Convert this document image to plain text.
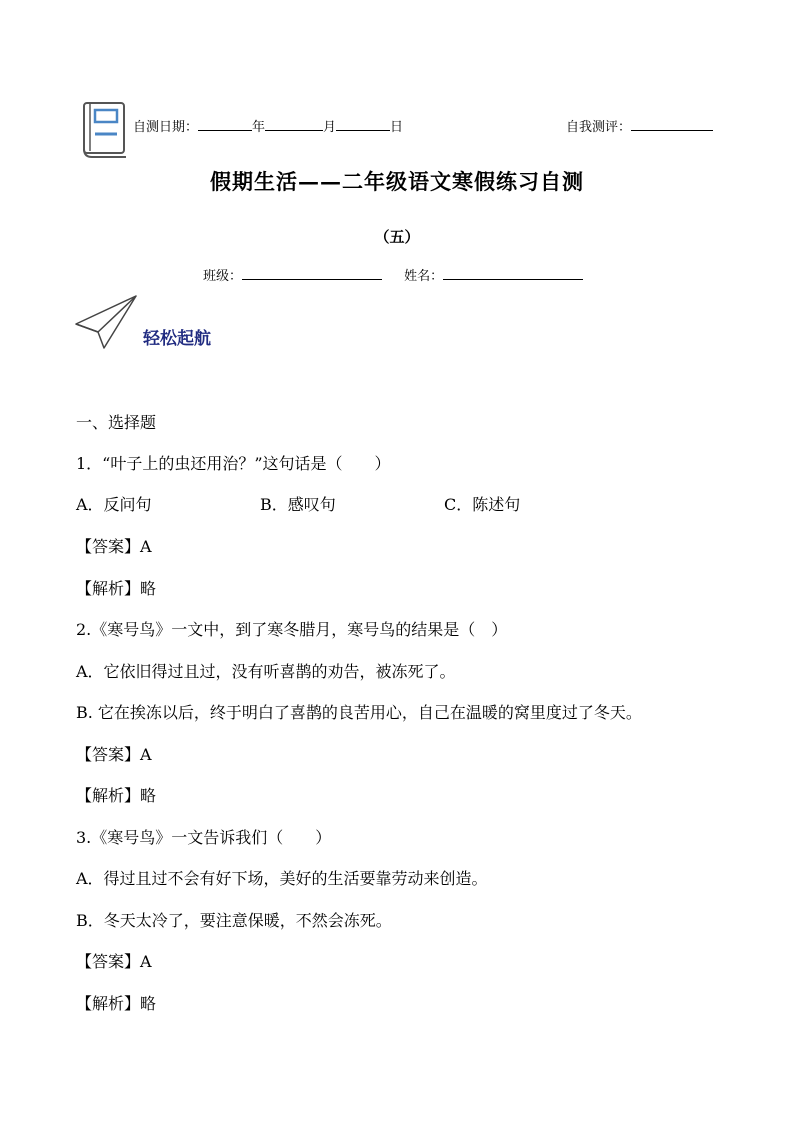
自测日期：	年	月	日	自我测评：
假期生活——二年级语文寒假练习自测
（五）
班级：	姓名：
轻松起航
一、选择题
1．“叶子上的虫还用治？”这句话是（　　）
A．反问句	B．感叹句	C．陈述句
【答案】A
【解析】略
2.《寒号鸟》一文中，到了寒冬腊月，寒号鸟的结果是（　）
A．它依旧得过且过，没有听喜鹊的劝告，被冻死了。
B. 它在挨冻以后，终于明白了喜鹊的良苦用心，自己在温暖的窝里度过了冬天。
【答案】A
【解析】略
3.《寒号鸟》一文告诉我们（　　）
A．得过且过不会有好下场，美好的生活要靠劳动来创造。
B．冬天太冷了，要注意保暖，不然会冻死。
【答案】A
【解析】略
